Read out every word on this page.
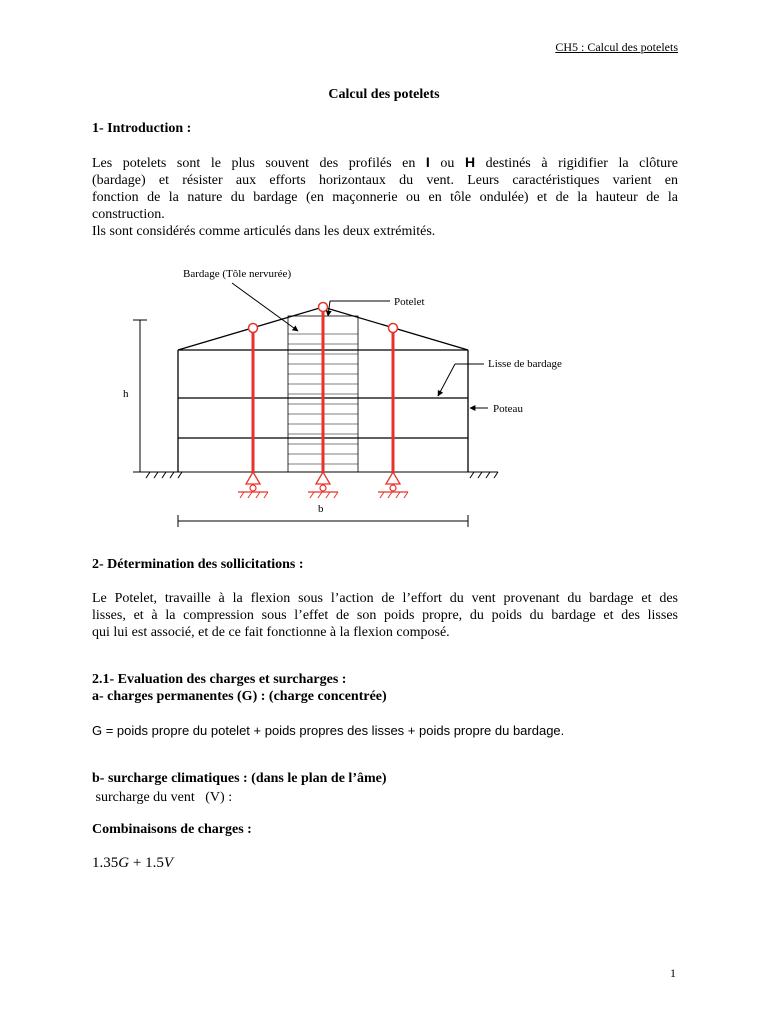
CH5 : Calcul des potelets
Calcul des potelets
1- Introduction :
Les potelets sont le plus souvent des profilés en I ou H destinés à rigidifier la clôture
(bardage) et résister aux efforts horizontaux du vent. Leurs caractéristiques varient en
fonction de la nature du bardage (en maçonnerie ou en tôle ondulée) et de la hauteur de la
construction.
Ils sont considérés comme articulés dans les deux extrémités.
h
b
Bardage (Tôle nervurée)
Potelet
Lisse de bardage
Poteau
2- Détermination des sollicitations :
Le Potelet, travaille à la flexion sous l’action de l’effort du vent provenant du bardage et des
lisses, et à la compression sous l’effet de son poids propre, du poids du bardage et des lisses
qui lui est associé, et de ce fait fonctionne à la flexion composé.
2.1- Evaluation des charges et surcharges :
a- charges permanentes (G) : (charge concentrée)
G = poids propre du potelet + poids propres des lisses + poids propre du bardage.
b- surcharge climatiques : (dans le plan de l’âme)
surcharge du vent   (V) :
Combinaisons de charges :
1.35G + 1.5V
1
